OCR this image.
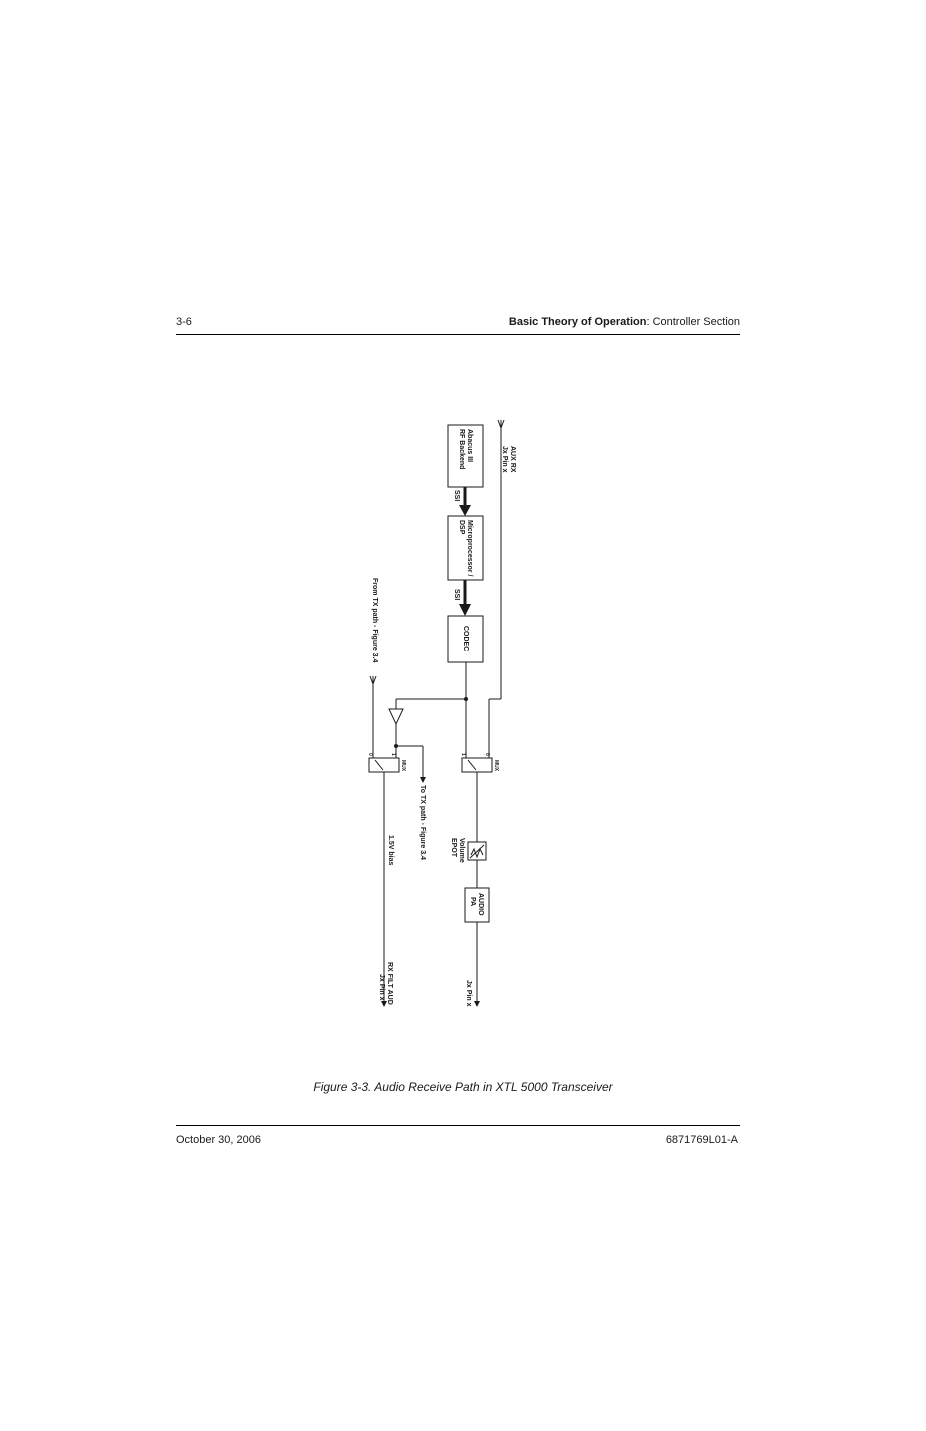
3-6	Basic Theory of Operation: Controller Section
Abacus III
RF Backend
SSI
Microprocessor /
DSP
SSI
CODEC
AUX RX
Jx Pin x
From TX path - Figure 3.4
MUX
0	1
MUX
1	0
To TX path - Figure 3.4
1.5V bias	Volume
EPOT
AUDIO
PA
RX FILT AUD
Jx Pin x	Jx Pin x
Figure 3-3. Audio Receive Path in XTL 5000 Transceiver
October 30, 2006	6871769L01-A
